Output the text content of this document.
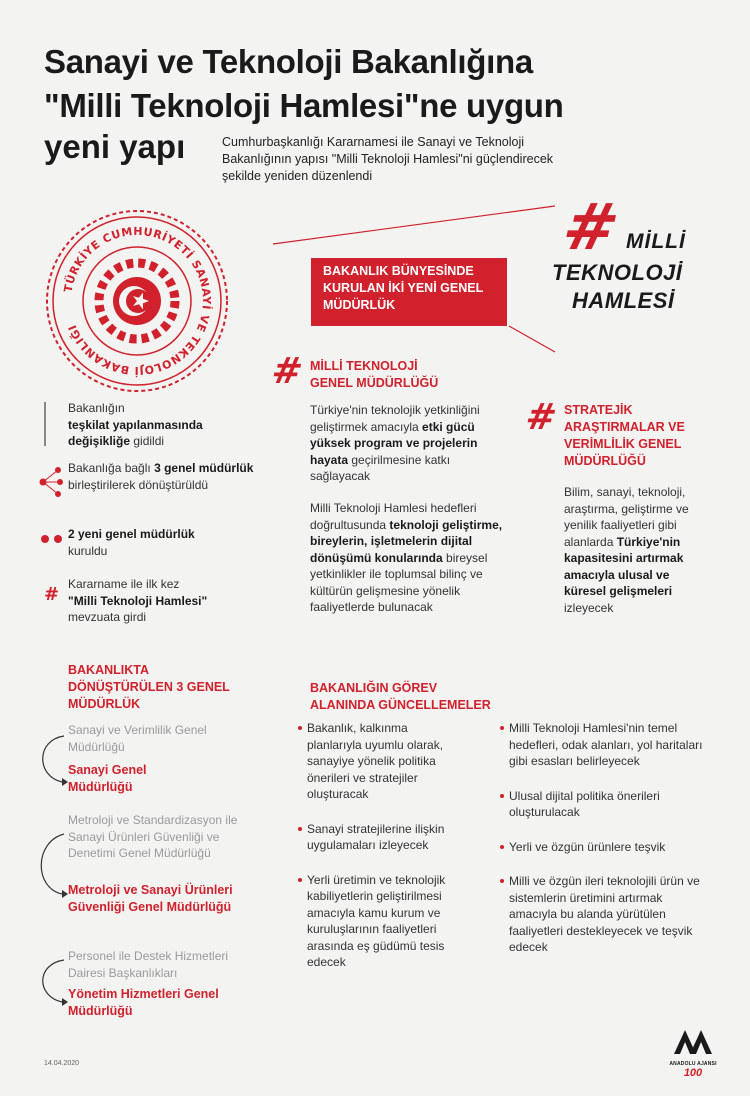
Sanayi ve Teknoloji Bakanlığına
"Milli Teknoloji Hamlesi"ne uygun
yeni yapı	Cumhurbaşkanlığı Kararnamesi ile Sanayi ve Teknoloji Bakanlığının yapısı "Milli Teknoloji Hamlesi"ni güçlendirecek şekilde yeniden düzenlendi
TÜRKİYE CUMHURİYETİ SANAYİ VE TEKNOLOJİ BAKANLIĞI
BAKANLIK BÜNYESİNDE KURULAN İKİ YENİ GENEL MÜDÜRLÜK
# MİLLİ
TEKNOLOJİ
HAMLESİ
Bakanlığın
teşkilat yapılanmasında değişikliğe gidildi
Bakanlığa bağlı 3 genel müdürlük birleştirilerek dönüştürüldü
2 yeni genel müdürlük
kuruldu
# Kararname ile ilk kez
"Milli Teknoloji Hamlesi"
mevzuata girdi
# MİLLİ TEKNOLOJİ
GENEL MÜDÜRLÜĞÜ
Türkiye'nin teknolojik yetkinliğini geliştirmek amacıyla etki gücü yüksek program ve projelerin hayata geçirilmesine katkı sağlayacak
Milli Teknoloji Hamlesi hedefleri doğrultusunda teknoloji geliştirme, bireylerin, işletmelerin dijital dönüşümü konularında bireysel yetkinlikler ile toplumsal bilinç ve kültürün gelişmesine yönelik faaliyetlerde bulunacak
# STRATEJİK
ARAŞTIRMALAR VE
VERİMLİLİK GENEL
MÜDÜRLÜĞÜ
Bilim, sanayi, teknoloji, araştırma, geliştirme ve yenilik faaliyetleri gibi alanlarda Türkiye'nin kapasitesini artırmak amacıyla ulusal ve küresel gelişmeleri izleyecek
BAKANLIKTA
DÖNÜŞTÜRÜLEN 3 GENEL
MÜDÜRLÜK
Sanayi ve Verimlilik Genel Müdürlüğü
Sanayi Genel Müdürlüğü
Metroloji ve Standardizasyon ile Sanayi Ürünleri Güvenliği ve Denetimi Genel Müdürlüğü
Metroloji ve Sanayi Ürünleri Güvenliği Genel Müdürlüğü
Personel ile Destek Hizmetleri Dairesi Başkanlıkları
Yönetim Hizmetleri Genel Müdürlüğü
BAKANLIĞIN GÖREV
ALANINDA GÜNCELLEMELER
Bakanlık, kalkınma planlarıyla uyumlu olarak, sanayiye yönelik politika önerileri ve stratejiler oluşturacak
Sanayi stratejilerine ilişkin uygulamaları izleyecek
Yerli üretimin ve teknolojik kabiliyetlerin geliştirilmesi amacıyla kamu kurum ve kuruluşlarının faaliyetleri arasında eş güdümü tesis edecek
Milli Teknoloji Hamlesi'nin temel hedefleri, odak alanları, yol haritaları gibi esasları belirleyecek
Ulusal dijital politika önerileri oluşturulacak
Yerli ve özgün ürünlere teşvik
Milli ve özgün ileri teknolojili ürün ve sistemlerin üretimini artırmak amacıyla bu alanda yürütülen faaliyetleri destekleyecek ve teşvik edecek
14.04.2020	ANADOLU AJANSI
100
